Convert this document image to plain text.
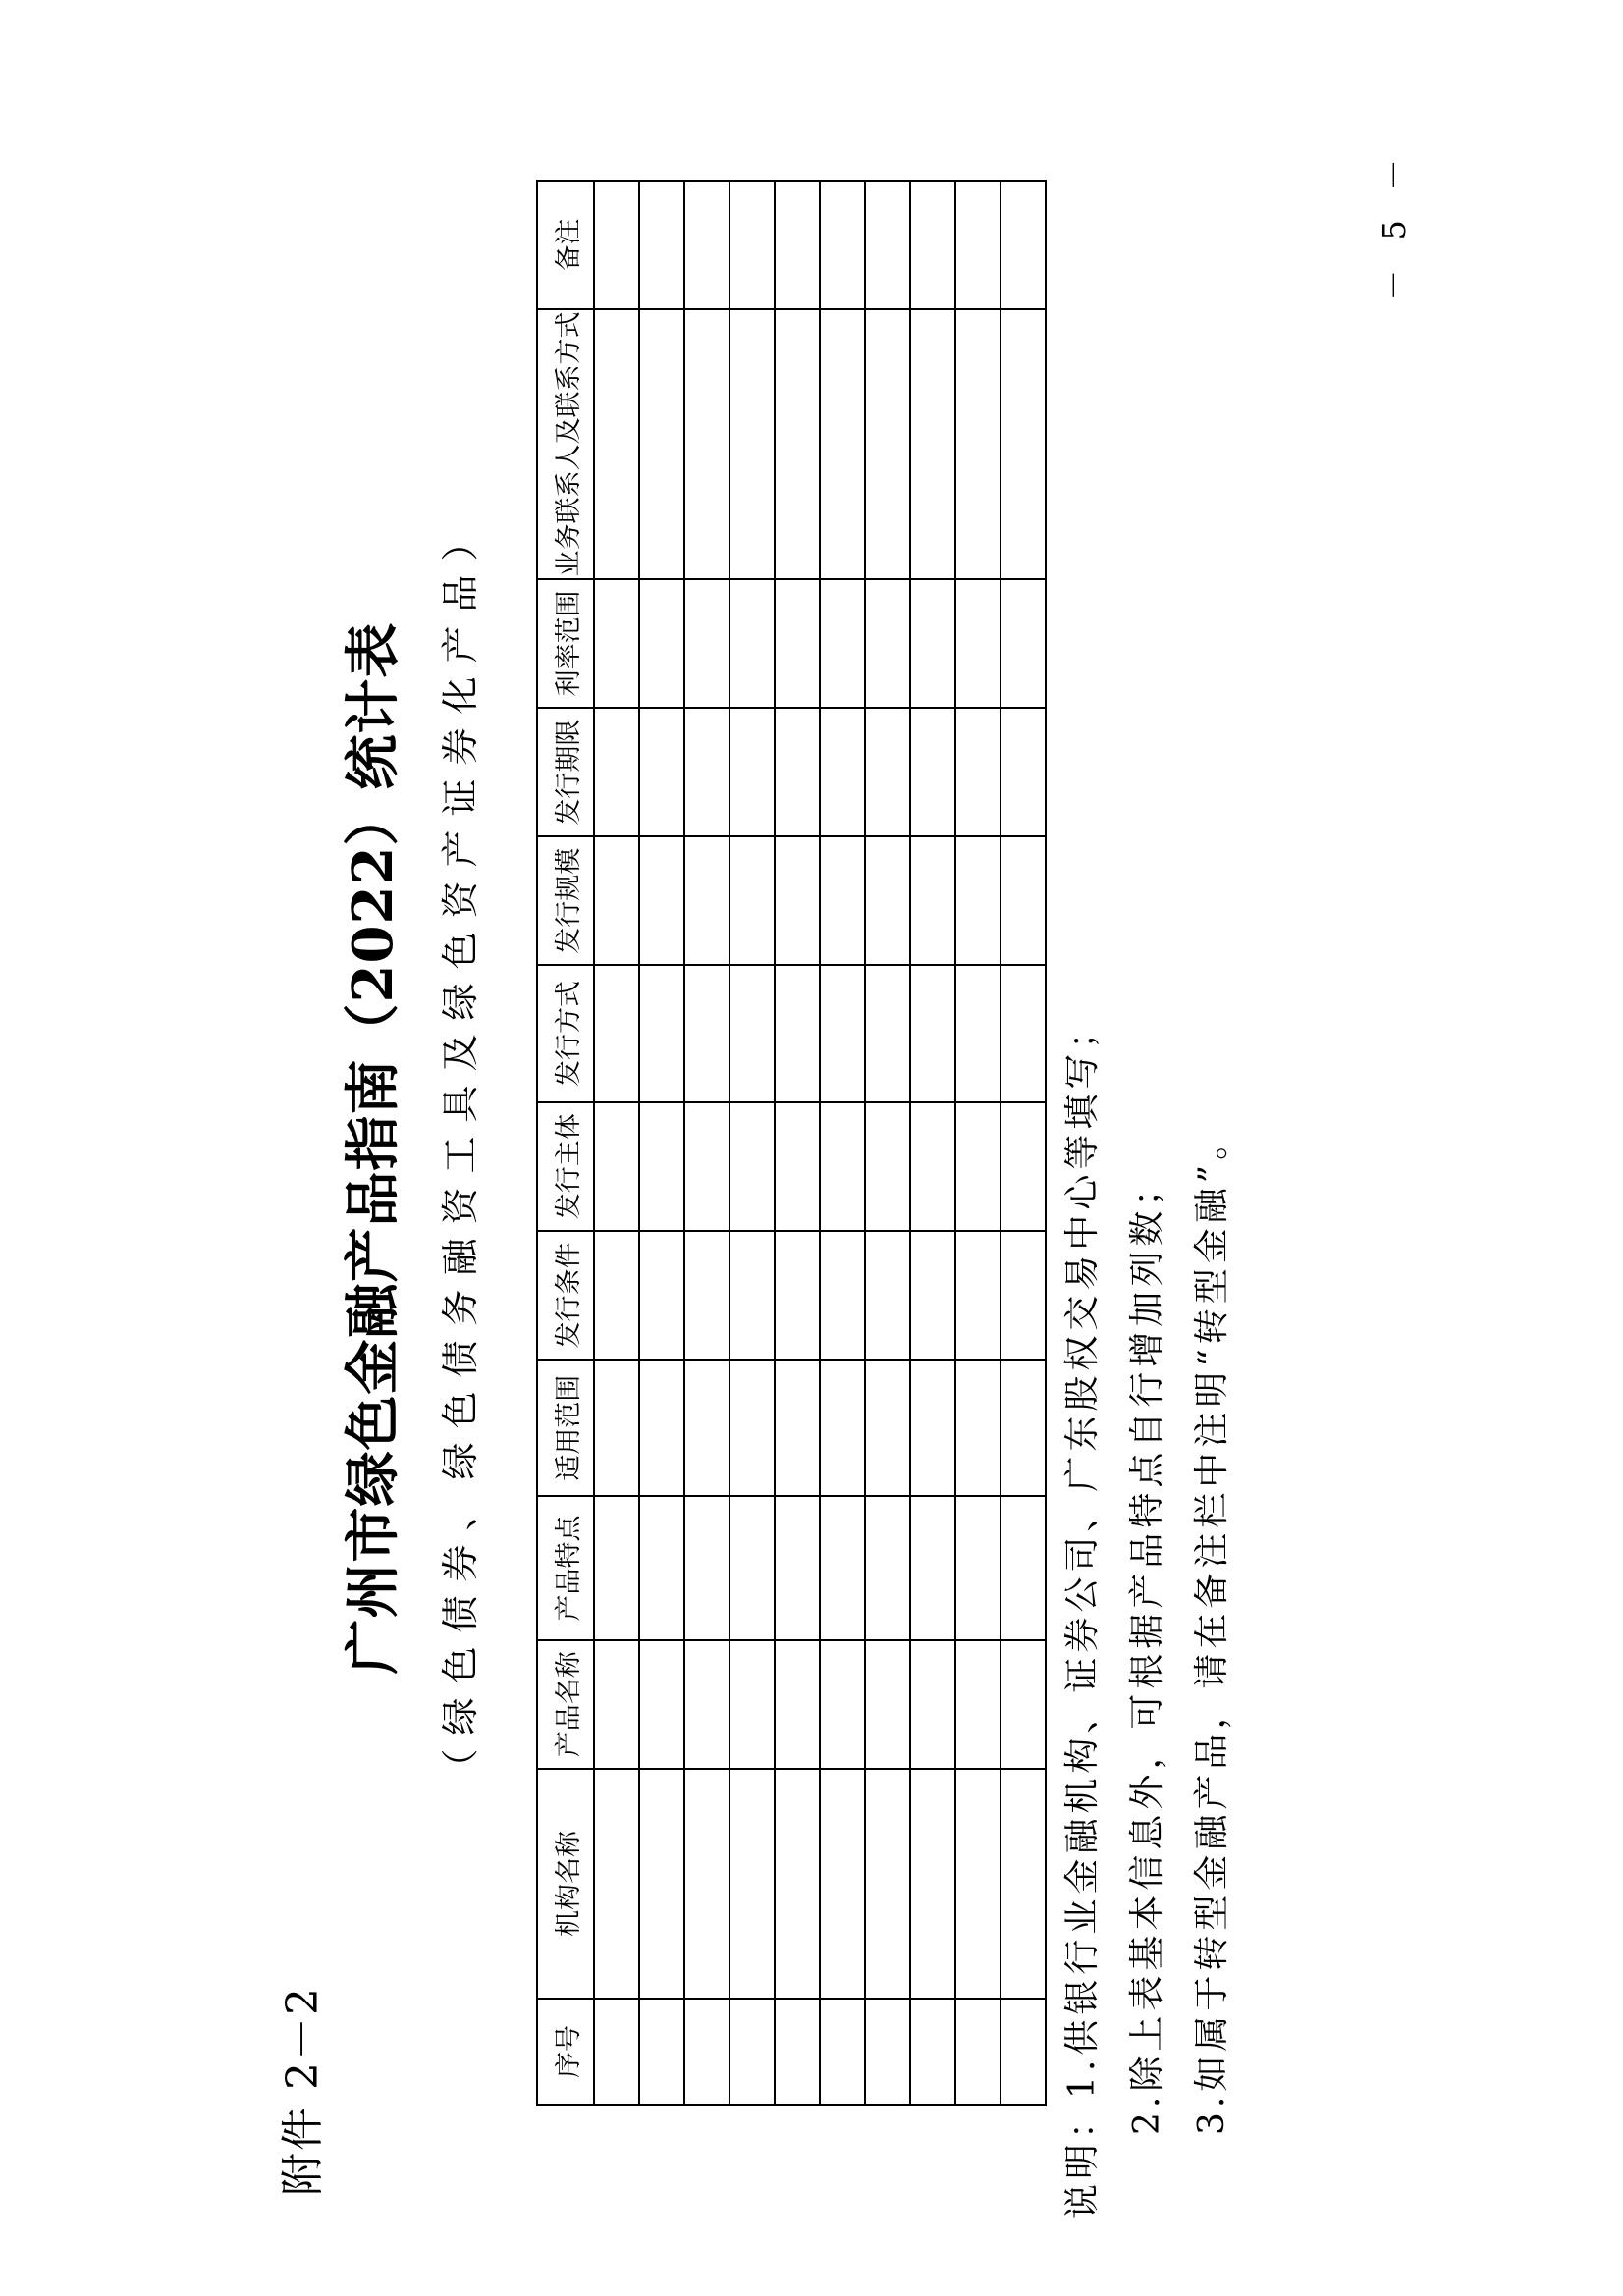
附件 2－2
广州市绿色金融产品指南（2022）统计表 （绿色债券、绿色债务融资工具及绿色资产证券化产品）
序号	机构名称	产品名称	产品特点	适用范围	发行条件	发行主体	发行方式	发行规模	发行期限	利率范围	业务联系人及联系方式	备注

说明：1.供银行业金融机构、证券公司、广东股权交易中心等填写； 2.除上表基本信息外，可根据产品特点自行增加列数； 3.如属于转型金融产品，请在备注栏中注明“转型金融”。
－ 5 －
